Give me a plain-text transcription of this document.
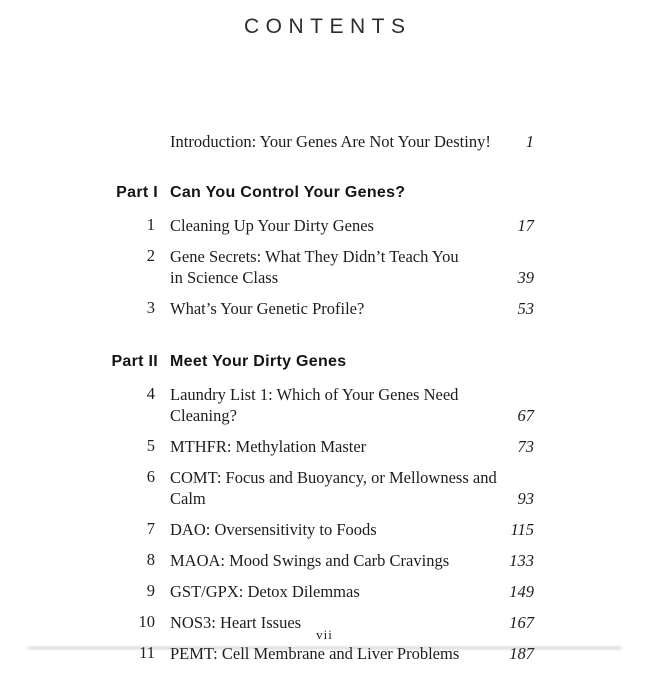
CONTENTS
Introduction: Your Genes Are Not Your Destiny!	1
Part I Can You Control Your Genes?
1 Cleaning Up Your Dirty Genes	17
2 Gene Secrets: What They Didn’t Teach You
in Science Class	39
3 What’s Your Genetic Profile?	53
Part II Meet Your Dirty Genes
4 Laundry List 1: Which of Your Genes Need Cleaning?	67
5 MTHFR: Methylation Master	73
6 COMT: Focus and Buoyancy, or Mellowness and Calm	93
7 DAO: Oversensitivity to Foods	115
8 MAOA: Mood Swings and Carb Cravings	133
9 GST/GPX: Detox Dilemmas	149
10 NOS3: Heart Issues	167
11 PEMT: Cell Membrane and Liver Problems	187
vii
